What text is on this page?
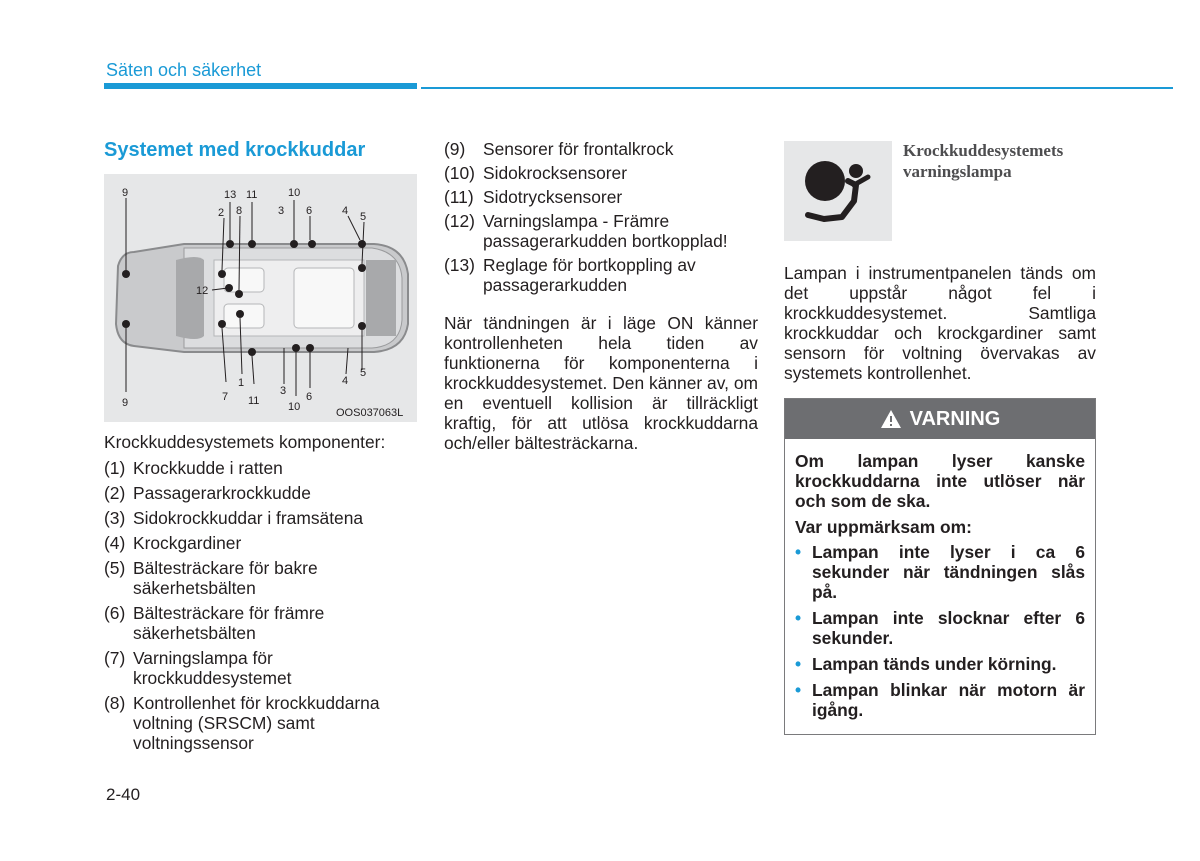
Säten och säkerhet
Systemet med krockkuddar
9	13 11	10
2 8	3 6	4 5
12
9	7 11
1
3
10
6
4
5
OOS037063L
Krockkuddesystemets komponenter:
(1) Krockkudde i ratten
(2) Passagerarkrockkudde
(3) Sidokrockkuddar i framsätena
(4) Krockgardiner
(5) Bältesträckare för bakre säkerhetsbälten
(6) Bältesträckare för främre säkerhetsbälten
(7) Varningslampa för krockkuddesystemet
(8) Kontrollenhet för krockkuddarna voltning (SRSCM) samt voltningssensor
(9)	Sensorer för frontalkrock
(10) Sidokrocksensorer
(11) Sidotrycksensorer
(12) Varningslampa - Främre passagerarkudden bortkopplad!
(13) Reglage för bortkoppling av passagerarkudden
När tändningen är i läge ON känner kontrollenheten hela tiden av funktionerna för komponenterna i krockkuddesystemet. Den känner av, om en eventuell kollision är tillräckligt kraftig, för att utlösa krockkuddarna och/eller bältesträckarna.
Krockkuddesystemets varningslampa
Lampan i instrumentpanelen tänds om det uppstår något fel i krockkuddesystemet. Samtliga krockkuddar och krockgardiner samt sensorn för voltning övervakas av systemets kontrollenhet.
VARNING
Om lampan lyser kanske krockkuddarna inte utlöser när och som de ska.
Var uppmärksam om:
• Lampan inte lyser i ca 6 sekunder när tändningen slås på.
• Lampan inte slocknar efter 6 sekunder.
• Lampan tänds under körning.
• Lampan blinkar när motorn är igång.
2-40
